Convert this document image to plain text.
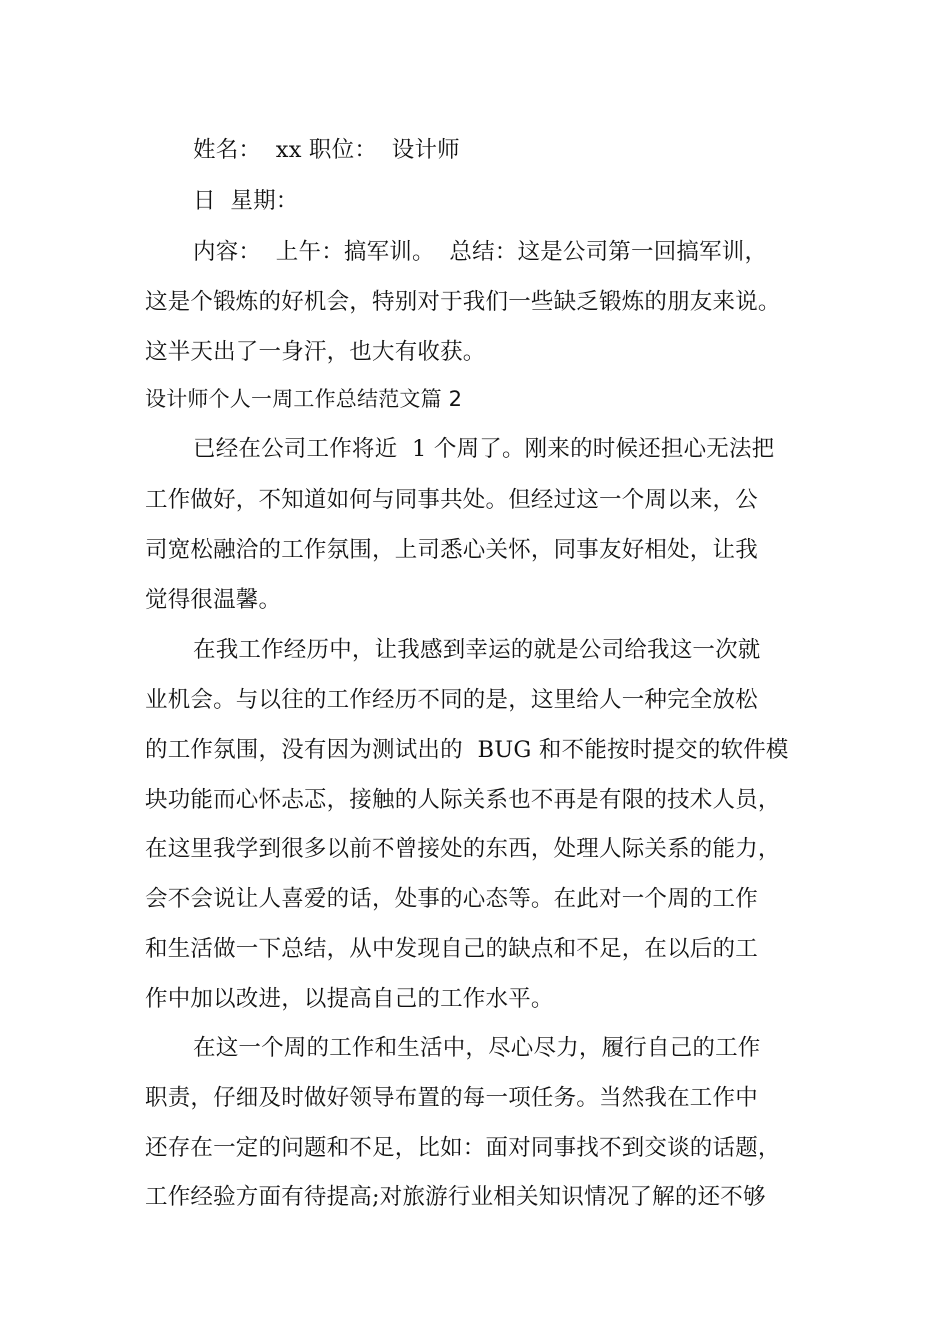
姓名：  xx 职位：  设计师
日  星期：
内容：  上午：搞军训。  总结：这是公司第一回搞军训，
这是个锻炼的好机会，特别对于我们一些缺乏锻炼的朋友来说。
这半天出了一身汗，也大有收获。
设计师个人一周工作总结范文篇 2
已经在公司工作将近  1 个周了。刚来的时候还担心无法把
工作做好，不知道如何与同事共处。但经过这一个周以来，公
司宽松融洽的工作氛围，上司悉心关怀，同事友好相处，让我
觉得很温馨。
在我工作经历中，让我感到幸运的就是公司给我这一次就
业机会。与以往的工作经历不同的是，这里给人一种完全放松
的工作氛围，没有因为测试出的  BUG 和不能按时提交的软件模
块功能而心怀忐忑，接触的人际关系也不再是有限的技术人员，
在这里我学到很多以前不曾接处的东西，处理人际关系的能力，
会不会说让人喜爱的话，处事的心态等。在此对一个周的工作
和生活做一下总结，从中发现自己的缺点和不足，在以后的工
作中加以改进，以提高自己的工作水平。
在这一个周的工作和生活中，尽心尽力，履行自己的工作
职责，仔细及时做好领导布置的每一项任务。当然我在工作中
还存在一定的问题和不足，比如：面对同事找不到交谈的话题，
工作经验方面有待提高;对旅游行业相关知识情况了解的还不够
